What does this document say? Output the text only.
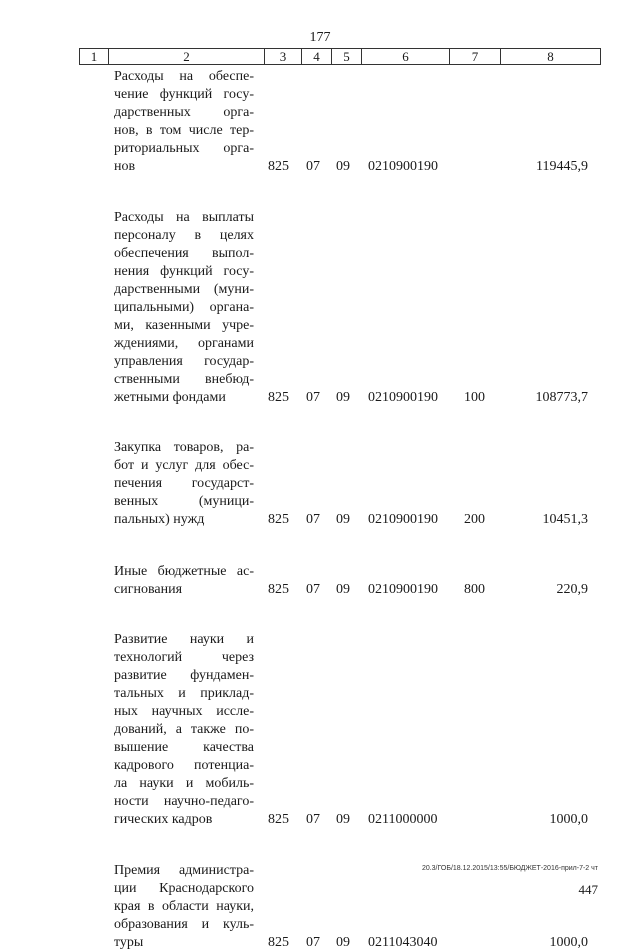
177
1	2	3	4	5	6	7	8
Расходы на обеспе-
чение функций госу-
дарственных орга-
нов, в том числе тер-
риториальных орга-
нов	825 07 09 0210900190	119445,9
Расходы на выплаты
персоналу в целях
обеспечения выпол-
нения функций госу-
дарственными (муни-
ципальными) органа-
ми, казенными учре-
ждениями, органами
управления государ-
ственными внебюд-
жетными фондами	825 07 09 0210900190 100	108773,7
Закупка товаров, ра-
бот и услуг для обес-
печения государст-
венных (муници-
пальных) нужд	825 07 09 0210900190 200	10451,3
Иные бюджетные ас-
сигнования	825 07 09 0210900190 800	220,9
Развитие науки и
технологий через
развитие фундамен-
тальных и приклад-
ных научных иссле-
дований, а также по-
вышение качества
кадрового потенциа-
ла науки и мобиль-
ности научно-педаго-
гических кадров	825 07 09 0211000000	1000,0
Премия администра-
ции Краснодарского
края в области науки,
образования и куль-
туры	825 07 09 0211043040	1000,0
20.3/ГОБ/18.12.2015/13:55/БЮДЖЕТ-2016-прил-7-2 чт
447
